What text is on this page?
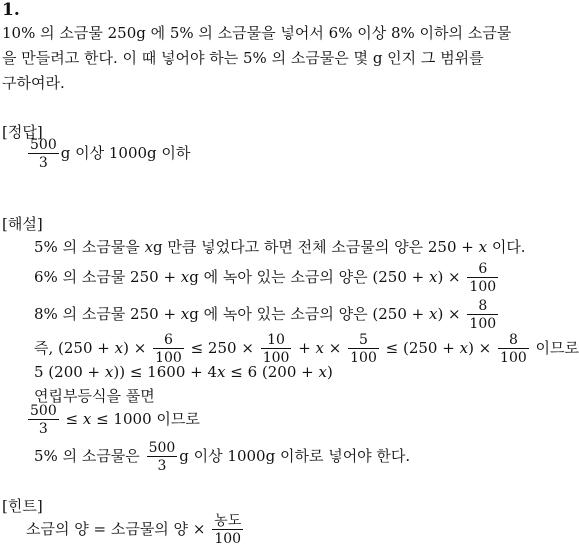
1.
10% 의 소금물 250g 에 5% 의 소금물을 넣어서 6% 이상 8% 이하의 소금물
을 만들려고 한다. 이 때 넣어야 하는 5% 의 소금물은 몇 g 인지 그 범위를
구하여라.
[정답]
$\frac{500}{3}$ g 이상 1000g 이하
[해설]
5% 의 소금물을 xg 만큼 넣었다고 하면 전체 소금물의 양은 250 + x 이다.
6% 의 소금물 250 + xg 에 녹아 있는 소금의 양은 $(250 + x) \times \frac{6}{100}$
8% 의 소금물 250 + xg 에 녹아 있는 소금의 양은 $(250 + x) \times \frac{8}{100}$
즉, $(250 + x) \times \frac{6}{100} \le 250 \times \frac{10}{100} + x \times \frac{5}{100} \le (250 + x) \times \frac{8}{100}$ 이므로
5 (200 + x)) ≤ 1600 + 4x ≤ 6 (200 + x)
연립부등식을 풀면
$\frac{500}{3} \le x \le 1000$ 이므로
5% 의 소금물은 $\frac{500}{3}$ g 이상 1000g 이하로 넣어야 한다.
[힌트]
소금의 양 = 소금물의 양 × $\frac{\text{농도}}{100}$
